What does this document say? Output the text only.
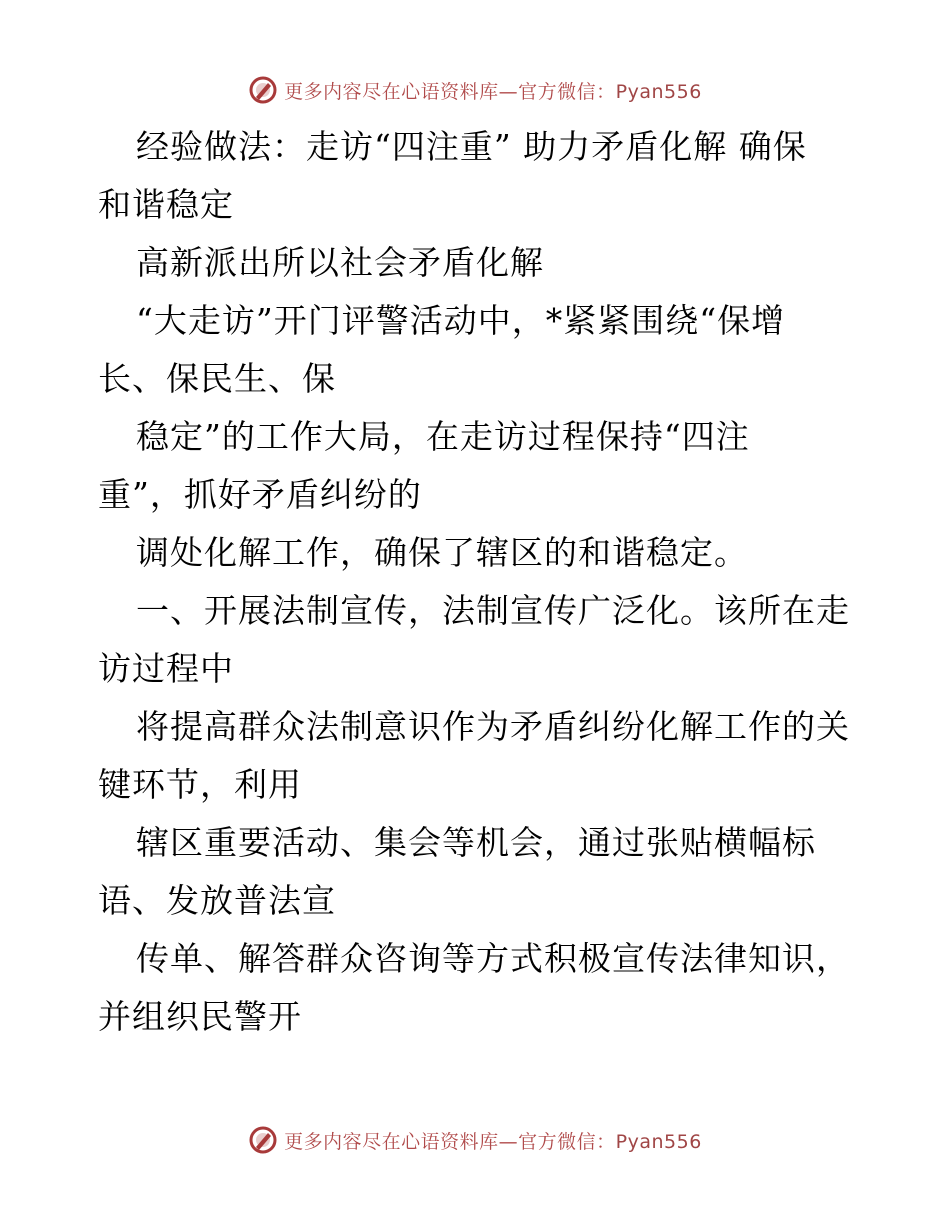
更多内容尽在心语资料库—官方微信：Pyan556
经验做法：走访“四注重” 助力矛盾化解 确保
和谐稳定
高新派出所以社会矛盾化解
“大走访”开门评警活动中，*紧紧围绕“保增
长、保民生、保
稳定”的工作大局，在走访过程保持“四注
重”，抓好矛盾纠纷的
调处化解工作，确保了辖区的和谐稳定。
一、开展法制宣传，法制宣传广泛化。该所在走
访过程中
将提高群众法制意识作为矛盾纠纷化解工作的关
键环节，利用
辖区重要活动、集会等机会，通过张贴横幅标
语、发放普法宣
传单、解答群众咨询等方式积极宣传法律知识，
并组织民警开
更多内容尽在心语资料库—官方微信：Pyan556
